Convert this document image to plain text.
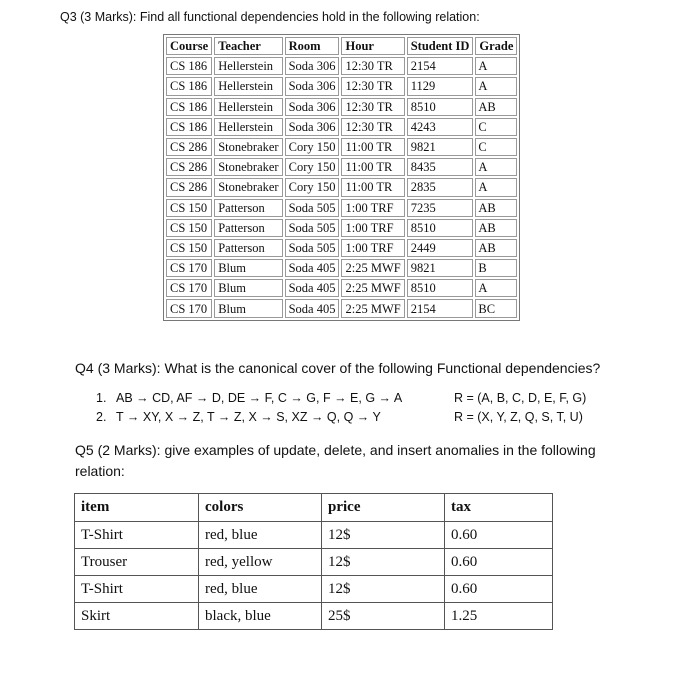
Q3 (3 Marks): Find all functional dependencies hold in the following relation:
Course	Teacher	Room	Hour	Student ID	Grade
CS 186	Hellerstein	Soda 306	12:30 TR	2154	A
CS 186	Hellerstein	Soda 306	12:30 TR	1129	A
CS 186	Hellerstein	Soda 306	12:30 TR	8510	AB
CS 186	Hellerstein	Soda 306	12:30 TR	4243	C
CS 286	Stonebraker	Cory 150	11:00 TR	9821	C
CS 286	Stonebraker	Cory 150	11:00 TR	8435	A
CS 286	Stonebraker	Cory 150	11:00 TR	2835	A
CS 150	Patterson	Soda 505	1:00 TRF	7235	AB
CS 150	Patterson	Soda 505	1:00 TRF	8510	AB
CS 150	Patterson	Soda 505	1:00 TRF	2449	AB
CS 170	Blum	Soda 405	2:25 MWF	9821	B
CS 170	Blum	Soda 405	2:25 MWF	8510	A
CS 170	Blum	Soda 405	2:25 MWF	2154	BC
Q4 (3 Marks): What is the canonical cover of the following Functional dependencies?
1. AB → CD, AF → D, DE → F, C → G, F → E, G → A	R = (A, B, C, D, E, F, G)
2. T → XY, X → Z, T → Z, X → S, XZ → Q, Q → Y	R = (X, Y, Z, Q, S, T, U)
Q5 (2 Marks): give examples of update, delete, and insert anomalies in the following
relation:
item	colors	price	tax
T-Shirt	red, blue	12$	0.60
Trouser	red, yellow	12$	0.60
T-Shirt	red, blue	12$	0.60
Skirt	black, blue	25$	1.25
